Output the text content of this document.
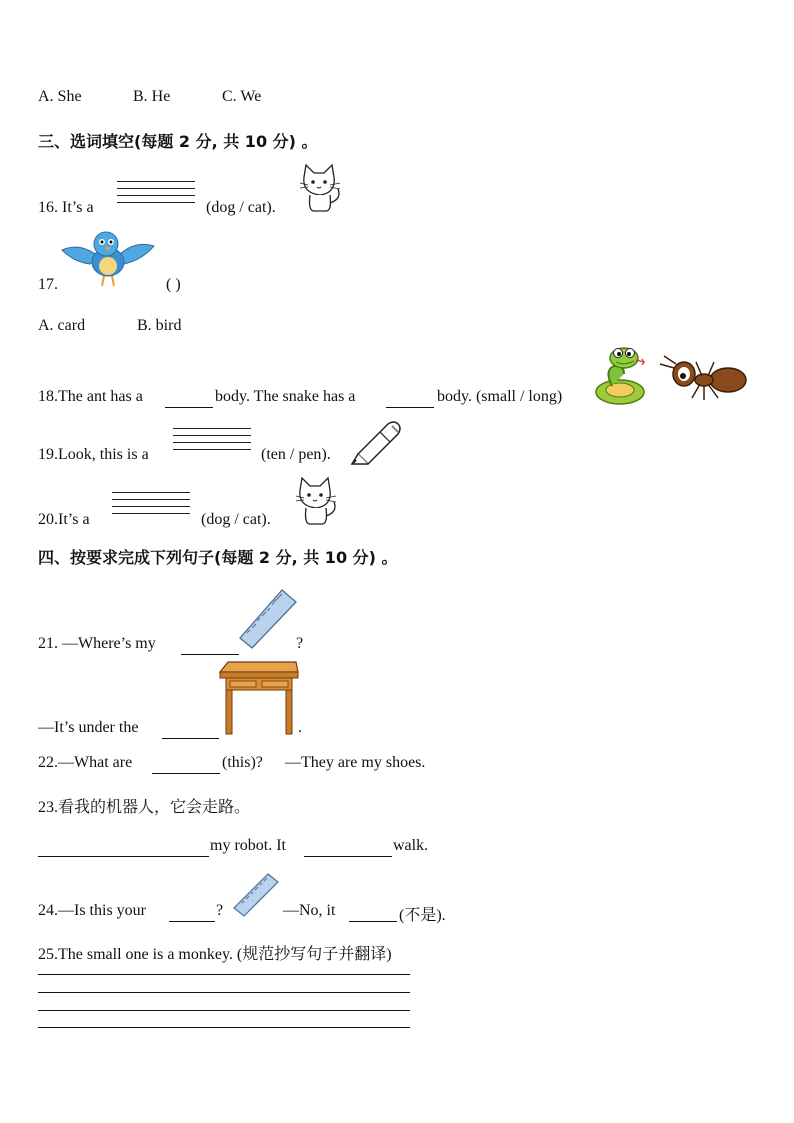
A. She	B. He	C. We
三、选词填空(每题 2 分, 共 10 分) 。
16. It’s a	(dog / cat).
17.	( )
A. card	B. bird
18.The ant has a	body. The snake has a	body. (small / long)
19.Look, this is a	(ten / pen).
20.It’s a	(dog / cat).
四、按要求完成下列句子(每题 2 分, 共 10 分) 。
21. —Where’s my	?
—It’s under the	.
22.—What are	(this)? —They are my shoes.
23.看我的机器人，它会走路。
my robot. It	walk.
24.—Is this your	?	—No, it	(不是).
25.The small one is a monkey. (规范抄写句子并翻译)
